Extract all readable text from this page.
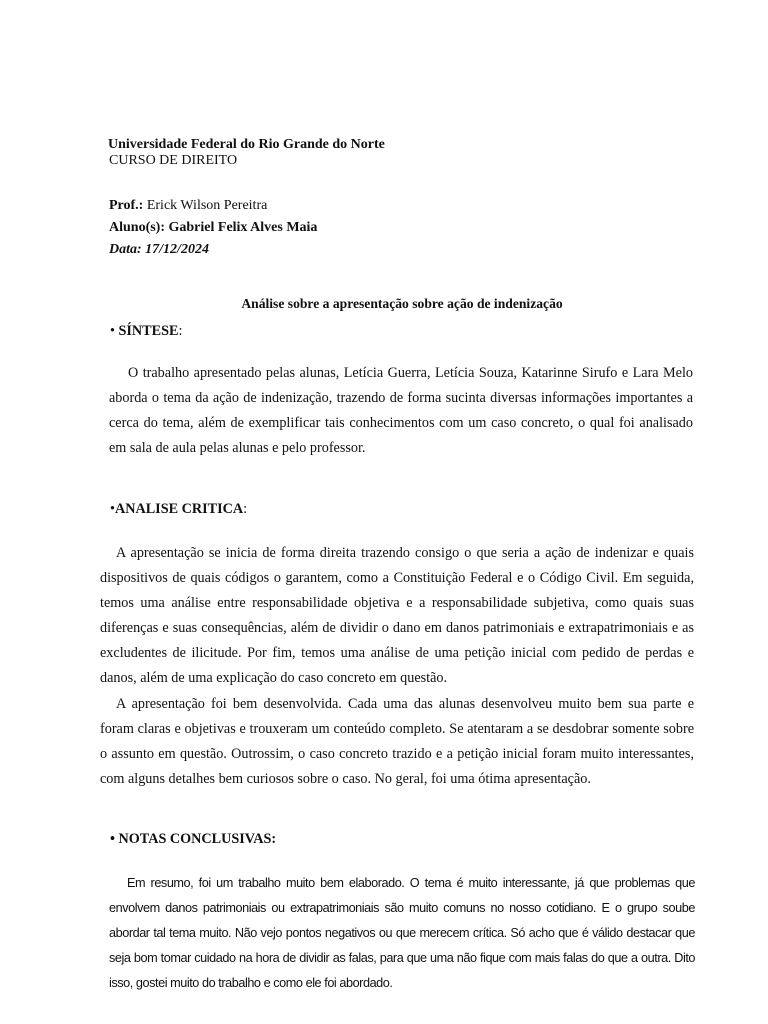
Universidade Federal do Rio Grande do Norte
CURSO DE DIREITO
Prof.: Erick Wilson Pereitra
Aluno(s): Gabriel Felix Alves Maia
Data: 17/12/2024
Análise sobre a apresentação sobre ação de indenização
• SÍNTESE:

O trabalho apresentado pelas alunas, Letícia Guerra, Letícia Souza, Katarinne Sirufo e Lara Melo aborda o tema da ação de indenização, trazendo de forma sucinta diversas informações importantes a cerca do tema, além de exemplificar tais conhecimentos com um caso concreto, o qual foi analisado em sala de aula pelas alunas e pelo professor.

•ANALISE CRITICA:

A apresentação se inicia de forma direita trazendo consigo o que seria a ação de indenizar e quais dispositivos de quais códigos o garantem, como a Constituição Federal e o Código Civil. Em seguida, temos uma análise entre responsabilidade objetiva e a responsabilidade subjetiva, como quais suas diferenças e suas consequências, além de dividir o dano em danos patrimoniais e extrapatrimoniais e as excludentes de ilicitude. Por fim, temos uma análise de uma petição inicial com pedido de perdas e danos, além de uma explicação do caso concreto em questão.

A apresentação foi bem desenvolvida. Cada uma das alunas desenvolveu muito bem sua parte e foram claras e objetivas e trouxeram um conteúdo completo. Se atentaram a se desdobrar somente sobre o assunto em questão. Outrossim, o caso concreto trazido e a petição inicial foram muito interessantes, com alguns detalhes bem curiosos sobre o caso. No geral, foi uma ótima apresentação.

• NOTAS CONCLUSIVAS:

Em resumo, foi um trabalho muito bem elaborado. O tema é muito interessante, já que problemas que envolvem danos patrimoniais ou extrapatrimoniais são muito comuns no nosso cotidiano. E o grupo soube abordar tal tema muito. Não vejo pontos negativos ou que merecem crítica. Só acho que é válido destacar que seja bom tomar cuidado na hora de dividir as falas, para que uma não fique com mais falas do que a outra. Dito isso, gostei muito do trabalho e como ele foi abordado.
